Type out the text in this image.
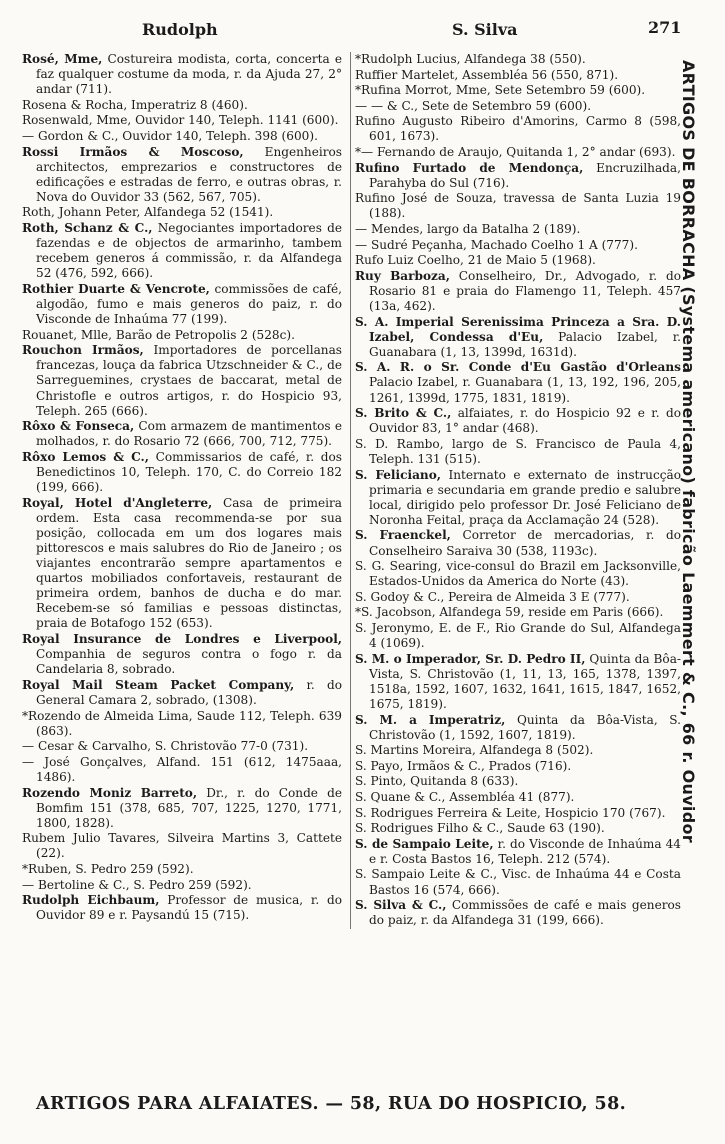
Rudolph	S. Silva	271
Rosé, Mme, Costureira modista, corta, concerta e faz qualquer costume da moda, r. da Ajuda 27, 2° andar (711).
Rosena & Rocha, Imperatriz 8 (460).
Rosenwald, Mme, Ouvidor 140, Teleph. 1141 (600).
— Gordon & C., Ouvidor 140, Teleph. 398 (600).
Rossi Irmãos & Moscoso, Engenheiros architectos, emprezarios e constructores de edificações e estradas de ferro, e outras obras, r. Nova do Ouvidor 33 (562, 567, 705).
Roth, Johann Peter, Alfandega 52 (1541).
Roth, Schanz & C., Negociantes importadores de fazendas e de objectos de armarinho, tambem recebem generos á commissão, r. da Alfandega 52 (476, 592, 666).
Rothier Duarte & Vencrote, commissões de café, algodão, fumo e mais generos do paiz, r. do Visconde de Inhaúma 77 (199).
Rouanet, Mlle, Barão de Petropolis 2 (528c).
Rouchon Irmãos, Importadores de porcellanas francezas, louça da fabrica Utzschneider & C., de Sarreguemines, crystaes de baccarat, metal de Christofle e outros artigos, r. do Hospicio 93, Teleph. 265 (666).
Rôxo & Fonseca, Com armazem de mantimentos e molhados, r. do Rosario 72 (666, 700, 712, 775).
Rôxo Lemos & C., Commissarios de café, r. dos Benedictinos 10, Teleph. 170, C. do Correio 182 (199, 666).
Royal, Hotel d'Angleterre, Casa de primeira ordem. Esta casa recommenda-se por sua posição, collocada em um dos logares mais pittorescos e mais salubres do Rio de Janeiro ; os viajantes encontrarão sempre apartamentos e quartos mobiliados confortaveis, restaurant de primeira ordem, banhos de ducha e do mar. Recebem-se só familias e pessoas distinctas, praia de Botafogo 152 (653).
Royal Insurance de Londres e Liverpool, Companhia de seguros contra o fogo r. da Candelaria 8, sobrado.
Royal Mail Steam Packet Company, r. do General Camara 2, sobrado, (1308).
*Rozendo de Almeida Lima, Saude 112, Teleph. 639 (863).
— Cesar & Carvalho, S. Christovão 77-0 (731).
— José Gonçalves, Alfand. 151 (612, 1475aaa, 1486).
Rozendo Moniz Barreto, Dr., r. do Conde de Bomfim 151 (378, 685, 707, 1225, 1270, 1771, 1800, 1828).
Rubem Julio Tavares, Silveira Martins 3, Cattete (22).
*Ruben, S. Pedro 259 (592).
— Bertoline & C., S. Pedro 259 (592).
Rudolph Eichbaum, Professor de musica, r. do Ouvidor 89 e r. Paysandú 15 (715).
*Rudolph Lucius, Alfandega 38 (550).
Ruffier Martelet, Assembléa 56 (550, 871).
*Rufina Morrot, Mme, Sete Setembro 59 (600).
— — & C., Sete de Setembro 59 (600).
Rufino Augusto Ribeiro d'Amorins, Carmo 8 (598, 601, 1673).
*— Fernando de Araujo, Quitanda 1, 2° andar (693).
Rufino Furtado de Mendonça, Encruzilhada, Parahyba do Sul (716).
Rufino José de Souza, travessa de Santa Luzia 19 (188).
— Mendes, largo da Batalha 2 (189).
— Sudré Peçanha, Machado Coelho 1 A (777).
Rufo Luiz Coelho, 21 de Maio 5 (1968).
Ruy Barboza, Conselheiro, Dr., Advogado, r. do Rosario 81 e praia do Flamengo 11, Teleph. 457 (13a, 462).
S. A. Imperial Serenissima Princeza a Sra. D. Izabel, Condessa d'Eu, Palacio Izabel, r. Guanabara (1, 13, 1399d, 1631d).
S. A. R. o Sr. Conde d'Eu Gastão d'Orleans Palacio Izabel, r. Guanabara (1, 13, 192, 196, 205, 1261, 1399d, 1775, 1831, 1819).
S. Brito & C., alfaiates, r. do Hospicio 92 e r. do Ouvidor 83, 1° andar (468).
S. D. Rambo, largo de S. Francisco de Paula 4, Teleph. 131 (515).
S. Feliciano, Internato e externato de instrucção primaria e secundaria em grande predio e salubre local, dirigido pelo professor Dr. José Feliciano de Noronha Feital, praça da Acclamação 24 (528).
S. Fraenckel, Corretor de mercadorias, r. do Conselheiro Saraiva 30 (538, 1193c).
S. G. Searing, vice-consul do Brazil em Jacksonville, Estados-Unidos da America do Norte (43).
S. Godoy & C., Pereira de Almeida 3 E (777).
*S. Jacobson, Alfandega 59, reside em Paris (666).
S. Jeronymo, E. de F., Rio Grande do Sul, Alfandega 4 (1069).
S. M. o Imperador, Sr. D. Pedro II, Quinta da Bôa-Vista, S. Christovão (1, 11, 13, 165, 1378, 1397, 1518a, 1592, 1607, 1632, 1641, 1615, 1847, 1652, 1675, 1819).
S. M. a Imperatriz, Quinta da Bôa-Vista, S. Christovão (1, 1592, 1607, 1819).
S. Martins Moreira, Alfandega 8 (502).
S. Payo, Irmãos & C., Prados (716).
S. Pinto, Quitanda 8 (633).
S. Quane & C., Assembléa 41 (877).
S. Rodrigues Ferreira & Leite, Hospicio 170 (767).
S. Rodrigues Filho & C., Saude 63 (190).
S. de Sampaio Leite, r. do Visconde de Inhaúma 44 e r. Costa Bastos 16, Teleph. 212 (574).
S. Sampaio Leite & C., Visc. de Inhaúma 44 e Costa Bastos 16 (574, 666).
S. Silva & C., Commissões de café e mais generos do paiz, r. da Alfandega 31 (199, 666).
ARTIGOS DE BORRACHA (Systema americano) fabricão Laemmert & C., 66 r. Ouvidor
ARTIGOS PARA ALFAIATES. — 58, RUA DO HOSPICIO, 58.
